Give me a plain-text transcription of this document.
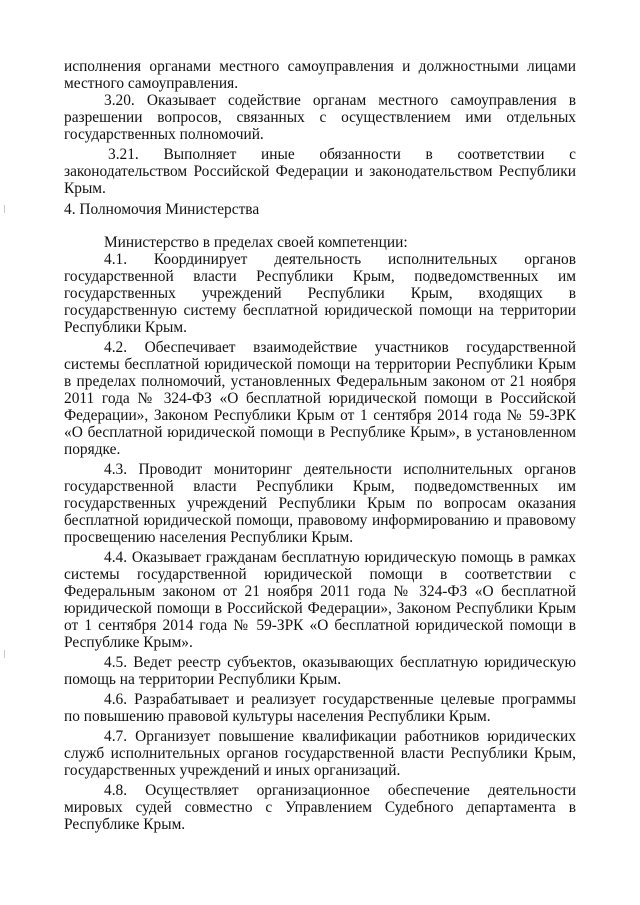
исполнения органами местного самоуправления и должностными лицами местного самоуправления.

3.20. Оказывает содействие органам местного самоуправления в разрешении вопросов, связанных с осуществлением ими отдельных государственных полномочий.

3.21. Выполняет иные обязанности в соответствии с законодательством Российской Федерации и законодательством Республики Крым.

4. Полномочия Министерства

Министерство в пределах своей компетенции:

4.1. Координирует деятельность исполнительных органов государственной власти Республики Крым, подведомственных им государственных учреждений Республики Крым, входящих в государственную систему бесплатной юридической помощи на территории Республики Крым.

4.2. Обеспечивает взаимодействие участников государственной системы бесплатной юридической помощи на территории Республики Крым в пределах полномочий, установленных Федеральным законом от 21 ноября 2011 года № 324-ФЗ «О бесплатной юридической помощи в Российской Федерации», Законом Республики Крым от 1 сентября 2014 года № 59-ЗРК «О бесплатной юридической помощи в Республике Крым», в установленном порядке.

4.3. Проводит мониторинг деятельности исполнительных органов государственной власти Республики Крым, подведомственных им государственных учреждений Республики Крым по вопросам оказания бесплатной юридической помощи, правовому информированию и правовому просвещению населения Республики Крым.

4.4. Оказывает гражданам бесплатную юридическую помощь в рамках системы государственной юридической помощи в соответствии с Федеральным законом от 21 ноября 2011 года № 324-ФЗ «О бесплатной юридической помощи в Российской Федерации», Законом Республики Крым от 1 сентября 2014 года № 59-ЗРК «О бесплатной юридической помощи в Республике Крым».

4.5. Ведет реестр субъектов, оказывающих бесплатную юридическую помощь на территории Республики Крым.

4.6. Разрабатывает и реализует государственные целевые программы по повышению правовой культуры населения Республики Крым.

4.7. Организует повышение квалификации работников юридических служб исполнительных органов государственной власти Республики Крым, государственных учреждений и иных организаций.

4.8. Осуществляет организационное обеспечение деятельности мировых судей совместно с Управлением Судебного департамента в Республике Крым.
